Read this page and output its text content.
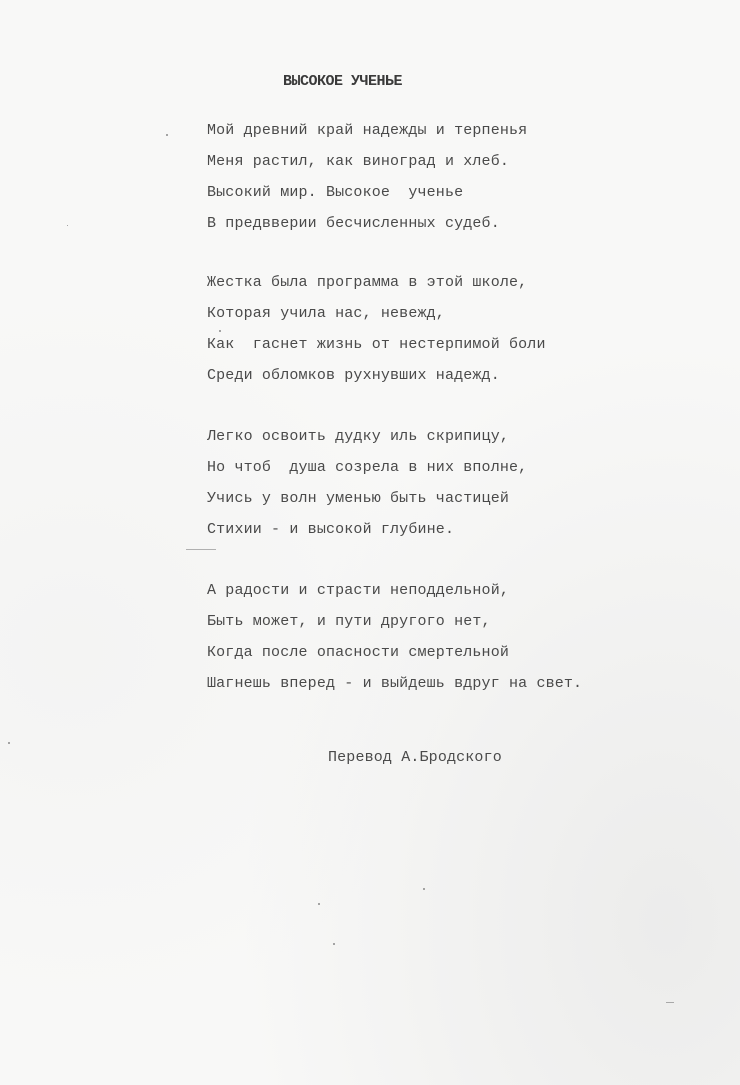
ВЫСОКОЕ УЧЕНЬЕ
Мой древний край надежды и терпенья
Меня растил, как виноград и хлеб.
Высокий мир. Высокое  ученье
В предвверии бесчисленных судеб.
Жестка была программа в этой школе,
Которая учила нас, невежд,
Как  гаснет жизнь от нестерпимой боли
Среди обломков рухнувших надежд.
Легко освоить дудку иль скрипицу,
Но чтоб  душа созрела в них вполне,
Учись у волн уменью быть частицей
Стихии - и высокой глубине.
А радости и страсти неподдельной,
Быть может, и пути другого нет,
Когда после опасности смертельной
Шагнешь вперед - и выйдешь вдруг на свет.
Перевод А.Бродского
